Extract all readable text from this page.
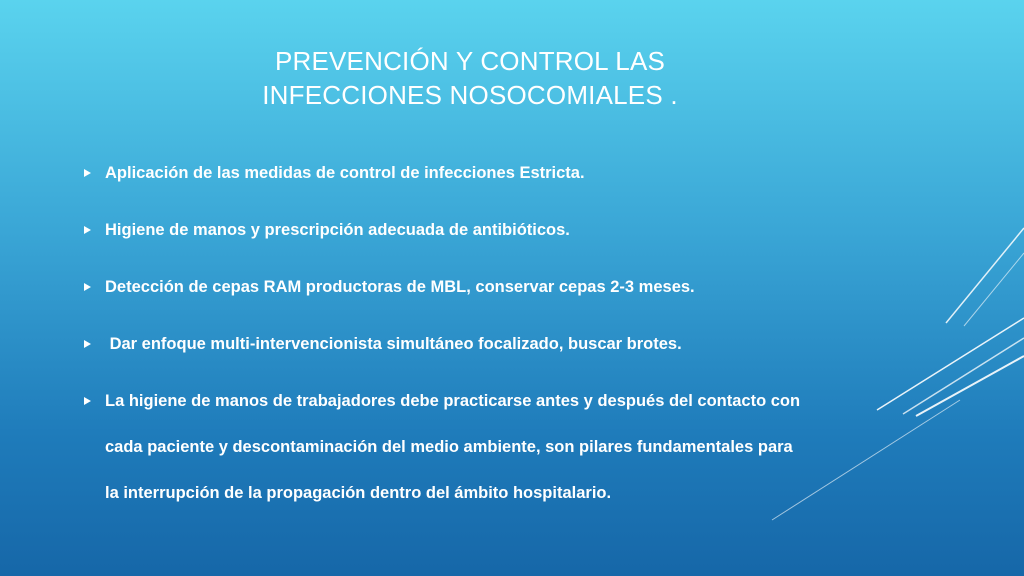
PREVENCIÓN Y CONTROL LAS
INFECCIONES NOSOCOMIALES .
Aplicación de las medidas de control de infecciones Estricta.
Higiene de manos y prescripción adecuada de antibióticos.
Detección de cepas RAM productoras de MBL, conservar cepas 2-3 meses.
Dar enfoque multi-intervencionista simultáneo focalizado, buscar brotes.
La higiene de manos de trabajadores debe practicarse antes y después del contacto con cada paciente y descontaminación del medio ambiente, son pilares fundamentales para la interrupción de la propagación dentro del ámbito hospitalario.
